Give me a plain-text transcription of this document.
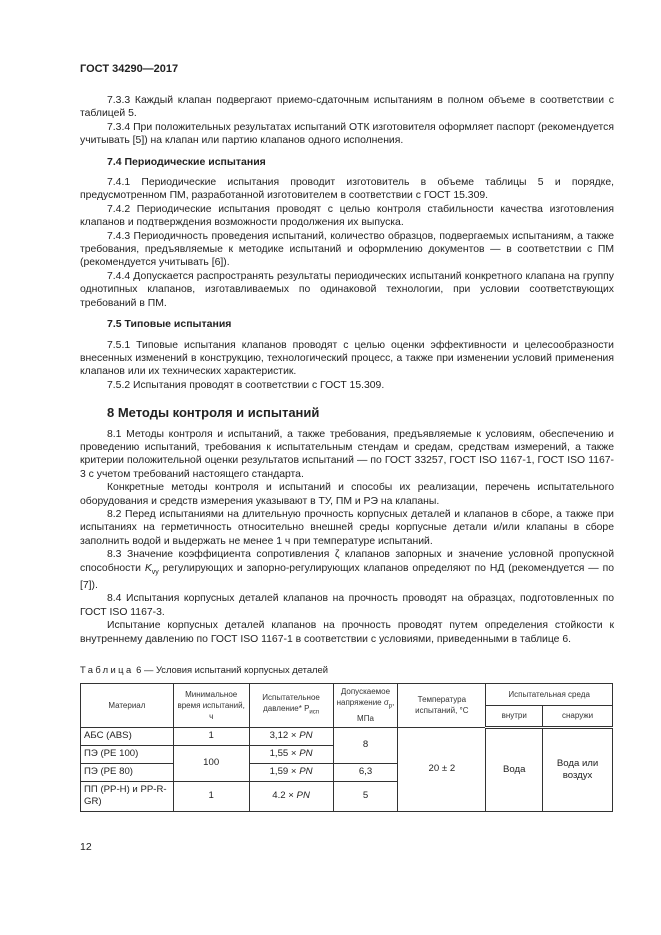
ГОСТ 34290—2017

7.3.3 Каждый клапан подвергают приемо-сдаточным испытаниям в полном объеме в соответствии с таблицей 5.

7.3.4 При положительных результатах испытаний ОТК изготовителя оформляет паспорт (рекомендуется учитывать [5]) на клапан или партию клапанов одного исполнения.

7.4 Периодические испытания

7.4.1 Периодические испытания проводит изготовитель в объеме таблицы 5 и порядке, предусмотренном ПМ, разработанной изготовителем в соответствии с ГОСТ 15.309.

7.4.2 Периодические испытания проводят с целью контроля стабильности качества изготовления клапанов и подтверждения возможности продолжения их выпуска.

7.4.3 Периодичность проведения испытаний, количество образцов, подвергаемых испытаниям, а также требования, предъявляемые к методике испытаний и оформлению документов — в соответствии с ПМ (рекомендуется учитывать [6]).

7.4.4 Допускается распространять результаты периодических испытаний конкретного клапана на группу однотипных клапанов, изготавливаемых по одинаковой технологии, при условии соответствующих требований в ПМ.

7.5 Типовые испытания

7.5.1 Типовые испытания клапанов проводят с целью оценки эффективности и целесообразности внесенных изменений в конструкцию, технологический процесс, а также при изменении условий применения клапанов или их технических характеристик.

7.5.2 Испытания проводят в соответствии с ГОСТ 15.309.

8 Методы контроля и испытаний

8.1 Методы контроля и испытаний, а также требования, предъявляемые к условиям, обеспечению и проведению испытаний, требования к испытательным стендам и средам, средствам измерений, а также критерии положительной оценки результатов испытаний — по ГОСТ 33257, ГОСТ ISO 1167-1, ГОСТ ISO 1167-3 с учетом требований настоящего стандарта.

Конкретные методы контроля и испытаний и способы их реализации, перечень испытательного оборудования и средств измерения указывают в ТУ, ПМ и РЭ на клапаны.

8.2 Перед испытаниями на длительную прочность корпусных деталей и клапанов в сборе, а также при испытаниях на герметичность относительно внешней среды корпусные детали и/или клапаны в сборе заполнить водой и выдержать не менее 1 ч при температуре испытаний.

8.3 Значение коэффициента сопротивления ζ клапанов запорных и значение условной пропускной способности $K_{vy}$ регулирующих и запорно-регулирующих клапанов определяют по НД (рекомендуется — по [7]).

8.4 Испытания корпусных деталей клапанов на прочность проводят на образцах, подготовленных по ГОСТ ISO 1167-3.

Испытание корпусных деталей клапанов на прочность проводят путем определения стойкости к внутреннему давлению по ГОСТ ISO 1167-1 в соответствии с условиями, приведенными в таблице 6.

Таблица 6 — Условия испытаний корпусных деталей

Материал	Минимальное время испытаний, ч	Испытательное давление* $P_{исп}$	Допускаемое напряжение $\sigma_p$, МПа	Температура испытаний, °С	Испытательная среда	
					внутри	снаружи
АБС (ABS)	1	3,12 × PN	8	20 ± 2	Вода	Вода или воздух
ПЭ (PE 100)	100	1,55 × PN				
ПЭ (PE 80)		1,59 × PN	6,3			
ПП (PP-H) и PP-R-GR)	1	4.2 × PN	5			
12
